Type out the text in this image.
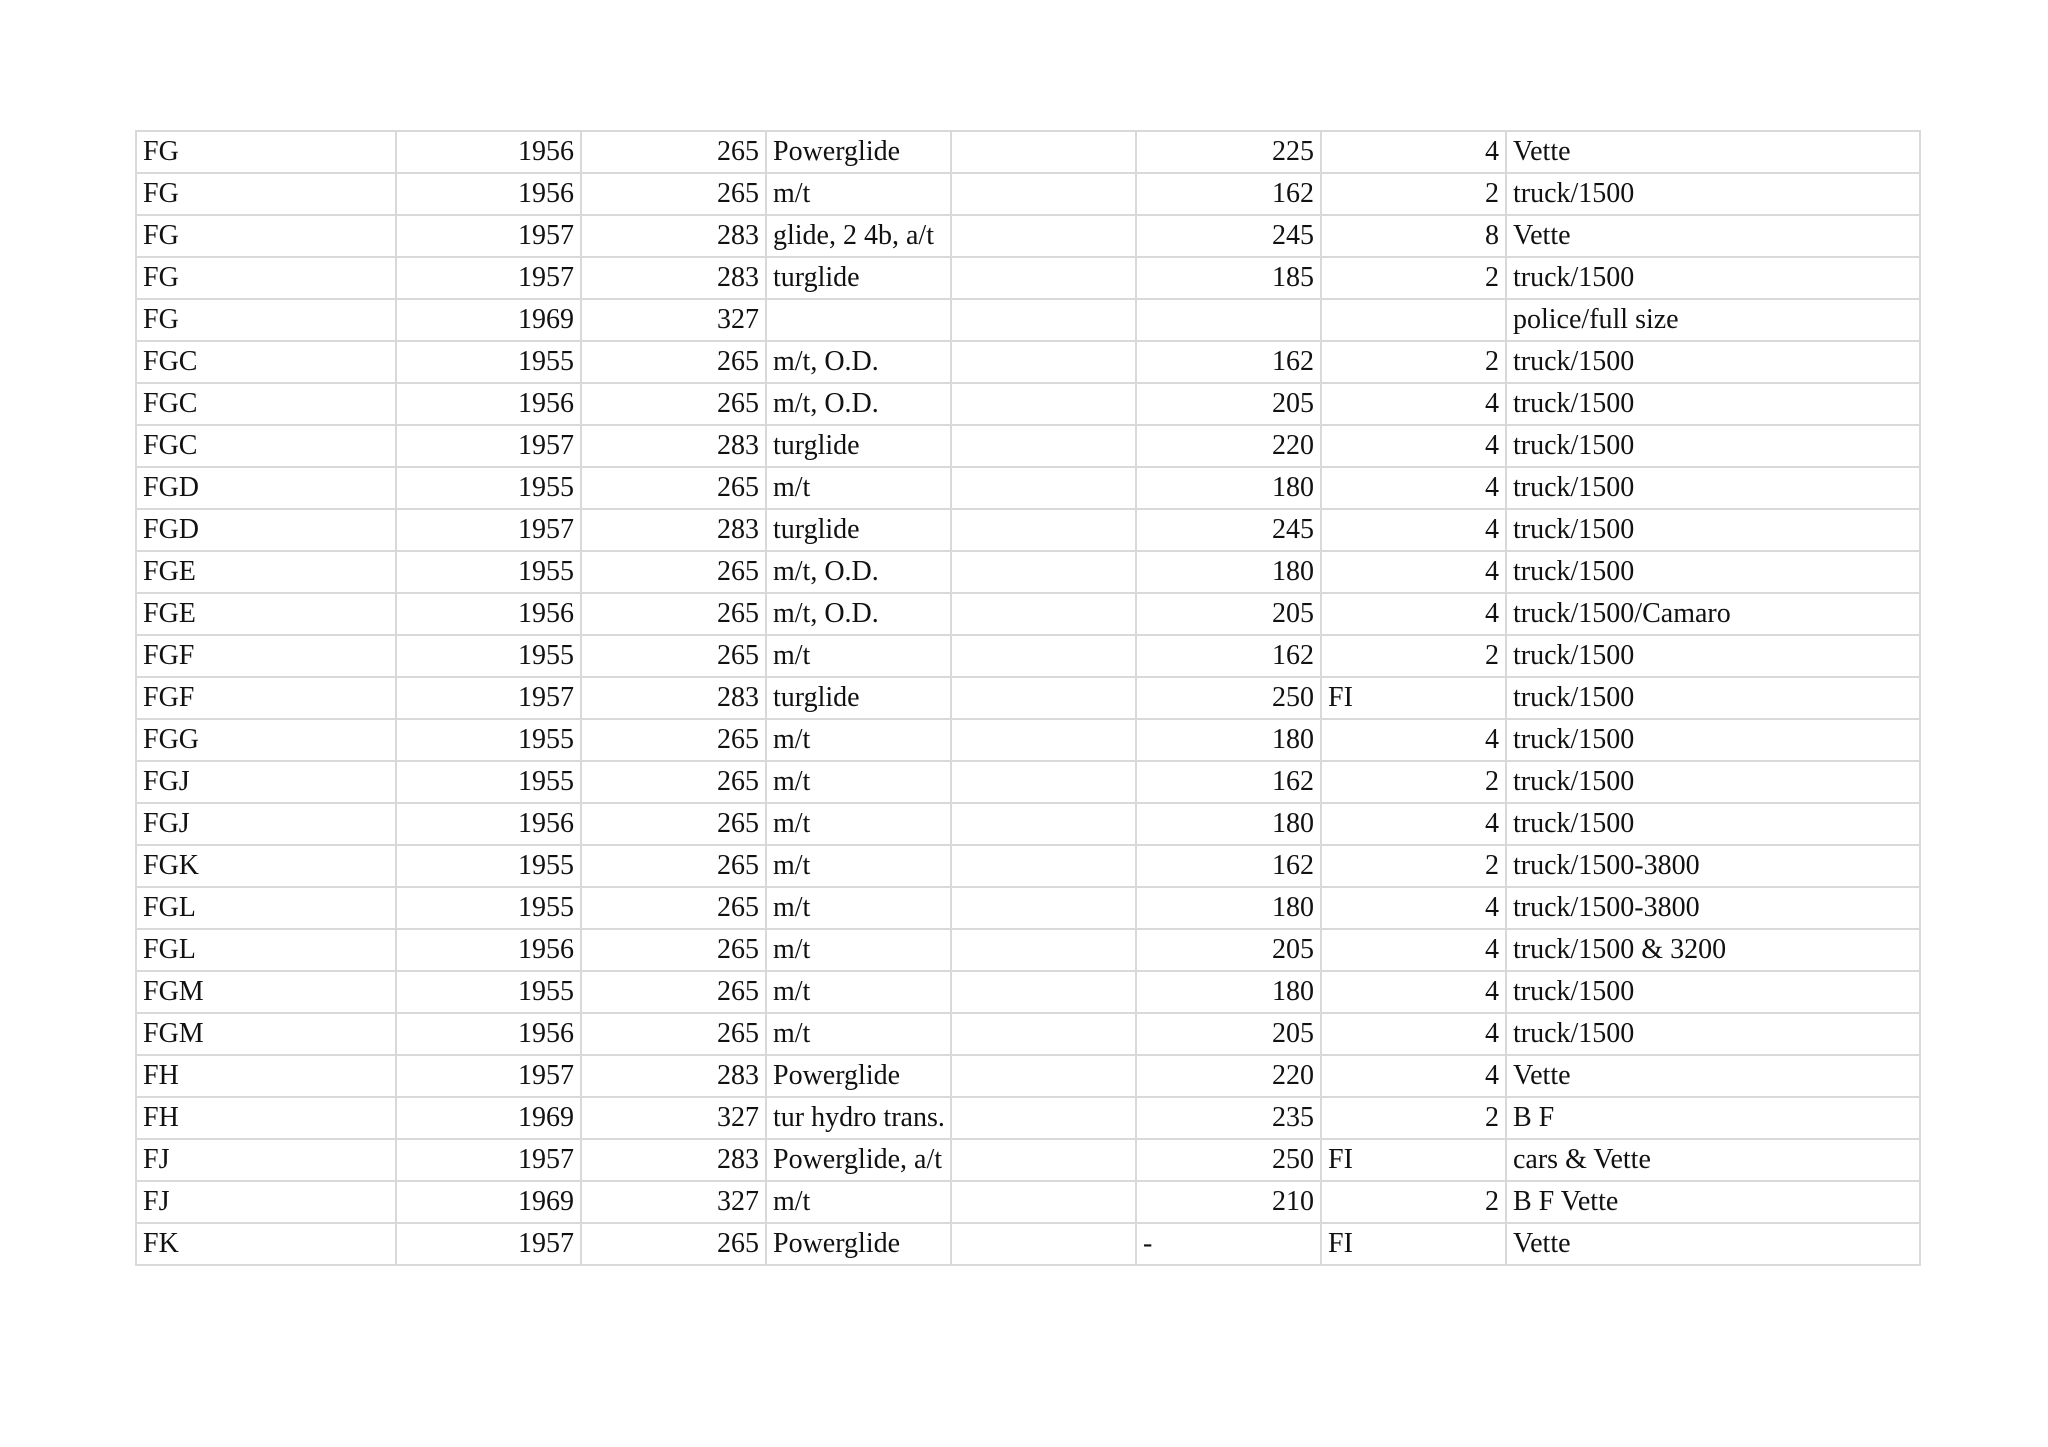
FG	1956	265	Powerglide		225	4	Vette
FG	1956	265	m/t		162	2	truck/1500
FG	1957	283	glide, 2 4b, a/t		245	8	Vette
FG	1957	283	turglide		185	2	truck/1500
FG	1969	327					police/full size
FGC	1955	265	m/t, O.D.		162	2	truck/1500
FGC	1956	265	m/t, O.D.		205	4	truck/1500
FGC	1957	283	turglide		220	4	truck/1500
FGD	1955	265	m/t		180	4	truck/1500
FGD	1957	283	turglide		245	4	truck/1500
FGE	1955	265	m/t, O.D.		180	4	truck/1500
FGE	1956	265	m/t, O.D.		205	4	truck/1500/Camaro
FGF	1955	265	m/t		162	2	truck/1500
FGF	1957	283	turglide		250	FI	truck/1500
FGG	1955	265	m/t		180	4	truck/1500
FGJ	1955	265	m/t		162	2	truck/1500
FGJ	1956	265	m/t		180	4	truck/1500
FGK	1955	265	m/t		162	2	truck/1500-3800
FGL	1955	265	m/t		180	4	truck/1500-3800
FGL	1956	265	m/t		205	4	truck/1500 & 3200
FGM	1955	265	m/t		180	4	truck/1500
FGM	1956	265	m/t		205	4	truck/1500
FH	1957	283	Powerglide		220	4	Vette
FH	1969	327	tur hydro trans.		235	2	B F
FJ	1957	283	Powerglide, a/t		250	FI	cars & Vette
FJ	1969	327	m/t		210	2	B F Vette
FK	1957	265	Powerglide		-	FI	Vette
